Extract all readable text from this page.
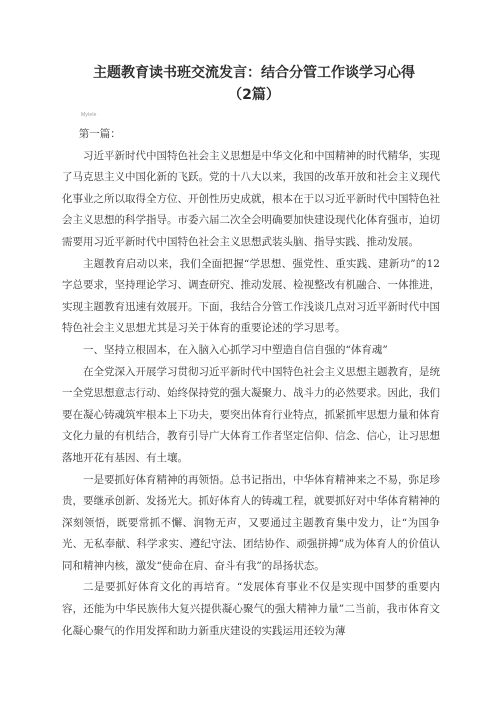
主题教育读书班交流发言：结合分管工作谈学习心得（2篇）
Mylele

第一篇：

习近平新时代中国特色社会主义思想是中华文化和中国精神的时代精华，实现了马克思主义中国化新的飞跃。党的十八大以来，我国的改革开放和社会主义现代化事业之所以取得全方位、开创性历史成就，根本在于以习近平新时代中国特色社会主义思想的科学指导。市委六届二次全会明确要加快建设现代化体育强市，迫切需要用习近平新时代中国特色社会主义思想武装头脑、指导实践、推动发展。

主题教育启动以来，我们全面把握“学思想、强党性、重实践、建新功”的12字总要求，坚持理论学习、调查研究、推动发展、检视整改有机融合、一体推进，实现主题教育迅速有效展开。下面，我结合分管工作浅谈几点对习近平新时代中国特色社会主义思想尤其是习关于体育的重要论述的学习思考。

一、坚持立根固本，在入脑入心抓学习中塑造自信自强的“体育魂”

在全党深入开展学习贯彻习近平新时代中国特色社会主义思想主题教育，是统一全党思想意志行动、始终保持党的强大凝聚力、战斗力的必然要求。因此，我们要在凝心铸魂筑牢根本上下功夫，要突出体育行业特点，抓紧抓牢思想力量和体育文化力量的有机结合，教育引导广大体育工作者坚定信仰、信念、信心，让习思想落地开花有基因、有土壤。

一是要抓好体育精神的再领悟。总书记指出，中华体育精神来之不易，弥足珍贵，要继承创新、发扬光大。抓好体育人的铸魂工程，就要抓好对中华体育精神的深刻领悟，既要常抓不懈、润物无声，又要通过主题教育集中发力，让“为国争光、无私奉献、科学求实、遵纪守法、团结协作、顽强拼搏”成为体育人的价值认同和精神内核，激发“使命在肩、奋斗有我”的昂扬状态。

二是要抓好体育文化的再培育。“发展体育事业不仅是实现中国梦的重要内容，还能为中华民族伟大复兴提供凝心聚气的强大精神力量”二当前，我市体育文化凝心聚气的作用发挥和助力新重庆建设的实践运用还较为薄
